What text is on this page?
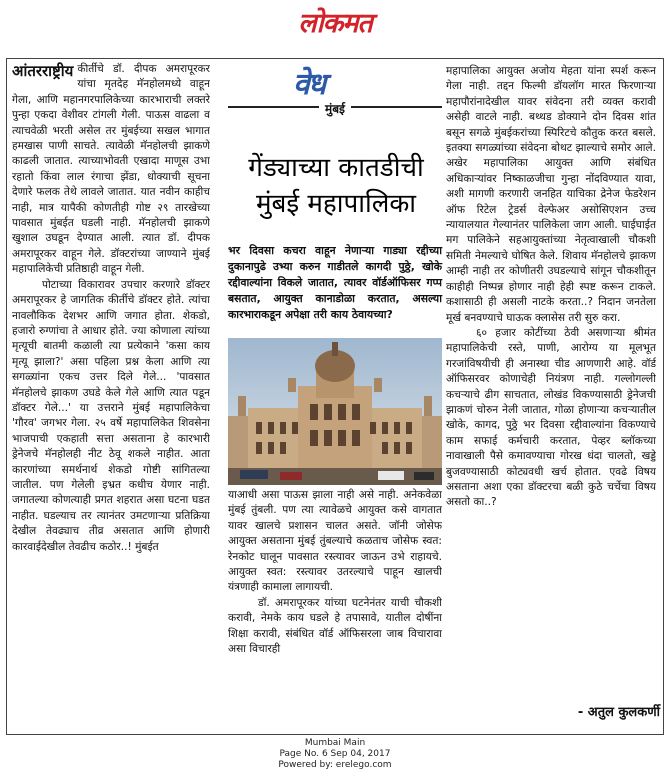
लोकमत
आंतरराष्ट्रीय कीर्तीचे डॉ. दीपक अमरापूरकर यांचा मृतदेह मॅनहोलमध्ये वाहून गेला, आणि महानगरपालिकेच्या कारभाराची लक्तरे पुन्हा एकदा वेशीवर टांगली गेली. पाऊस वाढला व त्याचवेळी भरती असेल तर मुंबईच्या सखल भागात हमखास पाणी साचते. त्यावेळी मॅनहोलची झाकणे काढली जातात. त्याच्याभोवती एखादा माणूस उभा रहातो किंवा लाल रंगाचा झेंडा, धोक्याची सूचना देणारे फलक तेथे लावले जातात. यात नवीन काहीच नाही, मात्र यापैकी कोणतीही गोष्ट २९ तारखेच्या पावसात मुंबईत घडली नाही. मॅनहोलची झाकणे खुशाल उघडून देण्यात आली. त्यात डॉ. दीपक अमरापूरकर वाहून गेले. डॉक्टरांच्या जाण्याने मुंबई महापालिकेची प्रतिष्ठाही वाहून गेली.

पोटाच्या विकारावर उपचार करणारे डॉक्टर अमरापूरकर हे जागतिक कीर्तीचे डॉक्टर होते. त्यांचा नावलौकिक देशभर आणि जगात होता. शेकडो, हजारो रुग्णांचा ते आधार होते. ज्या कोणाला त्यांच्या मृत्यूची बातमी कळाली त्या प्रत्येकाने 'कसा काय मृत्यू झाला?' असा पहिला प्रश्न केला आणि त्या सगळ्यांना एकच उत्तर दिले गेले... 'पावसात मॅनहोलचे झाकण उघडे केले गेले आणि त्यात पडून डॉक्टर गेले...' या उत्तराने मुंबई महापालिकेचा 'गौरव' जगभर गेला. २५ वर्षे महापालिकेत शिवसेना भाजपाची एकहाती सत्ता असताना हे कारभारी ड्रेनेजचे मॅनहोलही नीट ठेवू शकले नाहीत. आता कारणांच्या समर्थनार्थ शेकडो गोष्टी सांगितल्या जातील. पण गेलेली इभ्रत कधीच येणार नाही. जगातल्या कोणत्याही प्रगत शहरात असा घटना घडत नाहीत. घडल्याच तर त्यानंतर उमटणाऱ्या प्रतिक्रिया देखील तेवढ्याच तीव्र असतात आणि होणारी कारवाईदेखील तेवढीच कठोर..! मुंबईत

वेध
मुंबई
गेंड्याच्या कातडीची मुंबई महापालिका
भर दिवसा कचरा वाहून नेणाऱ्या गाड्या रद्दीच्या दुकानापुढे उभ्या करुन गाडीतले कागदी पुठ्ठे, खोके रद्दीवाल्यांना विकले जातात, त्यावर वॉर्डऑफिसर गप्प बसतात, आयुक्त कानाडोळा करतात, असल्या कारभाराकडून अपेक्षा तरी काय ठेवायच्या?

याआधी असा पाऊस झाला नाही असे नाही. अनेकवेळा मुंबई तुंबली. पण त्या त्यावेळचे आयुक्त कसे वागतात यावर खालचे प्रशासन चालत असते. जॉनी जोसेफ आयुक्त असताना मुंबई तुंबल्याचे कळताच जोसेफ स्वत: रेनकोट घालून पावसात रस्त्यावर जाऊन उभे राहायचे. आयुक्त स्वत: रस्त्यावर उतरल्याचे पाहून खालची यंत्रणाही कामाला लागायची.

डॉ. अमरापूरकर यांच्या घटनेनंतर याची चौकशी करावी, नेमके काय घडले हे तपासावे, यातील दोषींना शिक्षा करावी, संबंधित वॉर्ड ऑफिसरला जाब विचारावा असा विचारही

महापालिका आयुक्त अजोय मेहता यांना स्पर्श करून गेला नाही. तद्दन फिल्मी डॉयलॉग मारत फिरणाऱ्या महापौरांनादेखील यावर संवेदना तरी व्यक्त करावी असेही वाटले नाही. बथ्थड डोक्याने दोन दिवस शांत बसून सगळे मुंबईकरांच्या स्पिरिटचे कौतुक करत बसले. इतक्या सगळ्यांच्या संवेदना बोथट झाल्याचे समोर आले. अखेर महापालिका आयुक्त आणि संबंधित अधिकाऱ्यांवर निष्काळजीचा गुन्हा नोंदविण्यात यावा, अशी मागणी करणारी जनहित याचिका द्रेनेज फेडरेशन ऑफ रिटेल ट्रेडर्स वेल्फेअर असोसिएशन उच्च न्यायालयात गेल्यानंतर पालिकेला जाग आली. घाईघाईत मग पालिकेने सहआयुक्तांच्या नेतृत्वाखाली चौकशी समिती नेमल्याचे घोषित केले. शिवाय मॅनहोलचे झाकण आम्ही नाही तर कोणीतरी उघडल्याचे सांगून चौकशीतून काहीही निष्पन्न होणार नाही हेही स्पष्ट करून टाकले. कशासाठी ही असली नाटके करता..? निदान जनतेला मूर्ख बनवण्याचे घाऊक क्लासेस तरी सुरु करा.

६० हजार कोटींच्या ठेवी असणाऱ्या श्रीमंत महापालिकेची रस्ते, पाणी, आरोग्य या मूलभूत गरजांविषयीची ही अनास्था चीड आणणारी आहे. वॉर्ड ऑफिसरवर कोणाचेही नियंत्रण नाही. गल्लोगल्ली कचऱ्याचे ढीग साचतात, लोखंड विकण्यासाठी ड्रेनेजची झाकणं चोरुन नेली जातात, गोळा होणाऱ्या कचऱ्यातील खोके, कागद, पुठ्ठे भर दिवसा रद्दीवाल्यांना विकण्याचे काम सफाई कर्मचारी करतात, पेव्हर ब्लॉकच्या नावाखाली पैसे कमावण्याचा गोरख धंदा चालतो, खड्डे बुजवण्यासाठी कोट्यवधी खर्च होतात. एवढे विषय असताना अशा एका डॉक्टरचा बळी कुठे चर्चेचा विषय असतो का..?

- अतुल कुलकर्णी
Mumbai Main
Page No. 6 Sep 04, 2017
Powered by: erelego.com
